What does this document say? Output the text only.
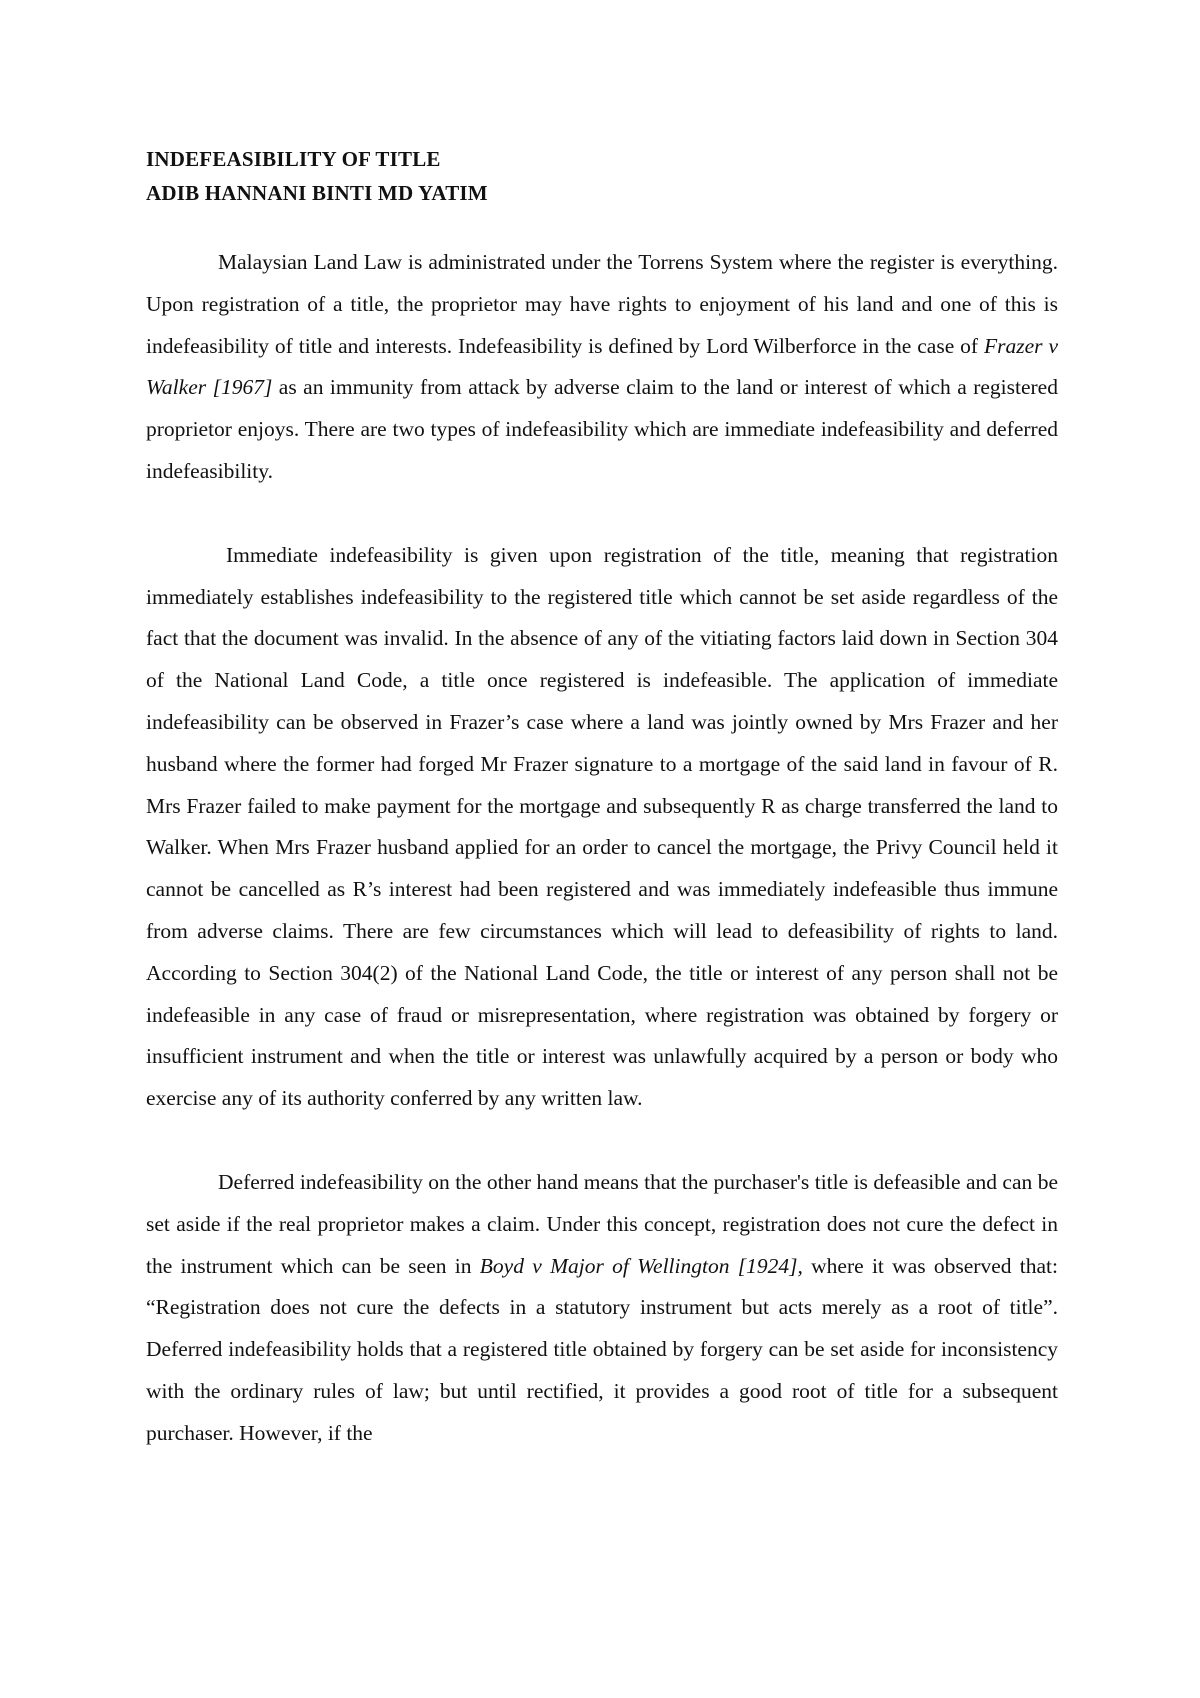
INDEFEASIBILITY OF TITLE

ADIB HANNANI BINTI MD YATIM

Malaysian Land Law is administrated under the Torrens System where the register is everything. Upon registration of a title, the proprietor may have rights to enjoyment of his land and one of this is indefeasibility of title and interests. Indefeasibility is defined by Lord Wilberforce in the case of Frazer v Walker [1967] as an immunity from attack by adverse claim to the land or interest of which a registered proprietor enjoys. There are two types of indefeasibility which are immediate indefeasibility and deferred indefeasibility.

Immediate indefeasibility is given upon registration of the title, meaning that registration immediately establishes indefeasibility to the registered title which cannot be set aside regardless of the fact that the document was invalid. In the absence of any of the vitiating factors laid down in Section 304 of the National Land Code, a title once registered is indefeasible. The application of immediate indefeasibility can be observed in Frazer’s case where a land was jointly owned by Mrs Frazer and her husband where the former had forged Mr Frazer signature to a mortgage of the said land in favour of R. Mrs Frazer failed to make payment for the mortgage and subsequently R as charge transferred the land to Walker. When Mrs Frazer husband applied for an order to cancel the mortgage, the Privy Council held it cannot be cancelled as R’s interest had been registered and was immediately indefeasible thus immune from adverse claims. There are few circumstances which will lead to defeasibility of rights to land. According to Section 304(2) of the National Land Code, the title or interest of any person shall not be indefeasible in any case of fraud or misrepresentation, where registration was obtained by forgery or insufficient instrument and when the title or interest was unlawfully acquired by a person or body who exercise any of its authority conferred by any written law.

Deferred indefeasibility on the other hand means that the purchaser's title is defeasible and can be set aside if the real proprietor makes a claim. Under this concept, registration does not cure the defect in the instrument which can be seen in Boyd v Major of Wellington [1924], where it was observed that: “Registration does not cure the defects in a statutory instrument but acts merely as a root of title”. Deferred indefeasibility holds that a registered title obtained by forgery can be set aside for inconsistency with the ordinary rules of law; but until rectified, it provides a good root of title for a subsequent purchaser. However, if the
